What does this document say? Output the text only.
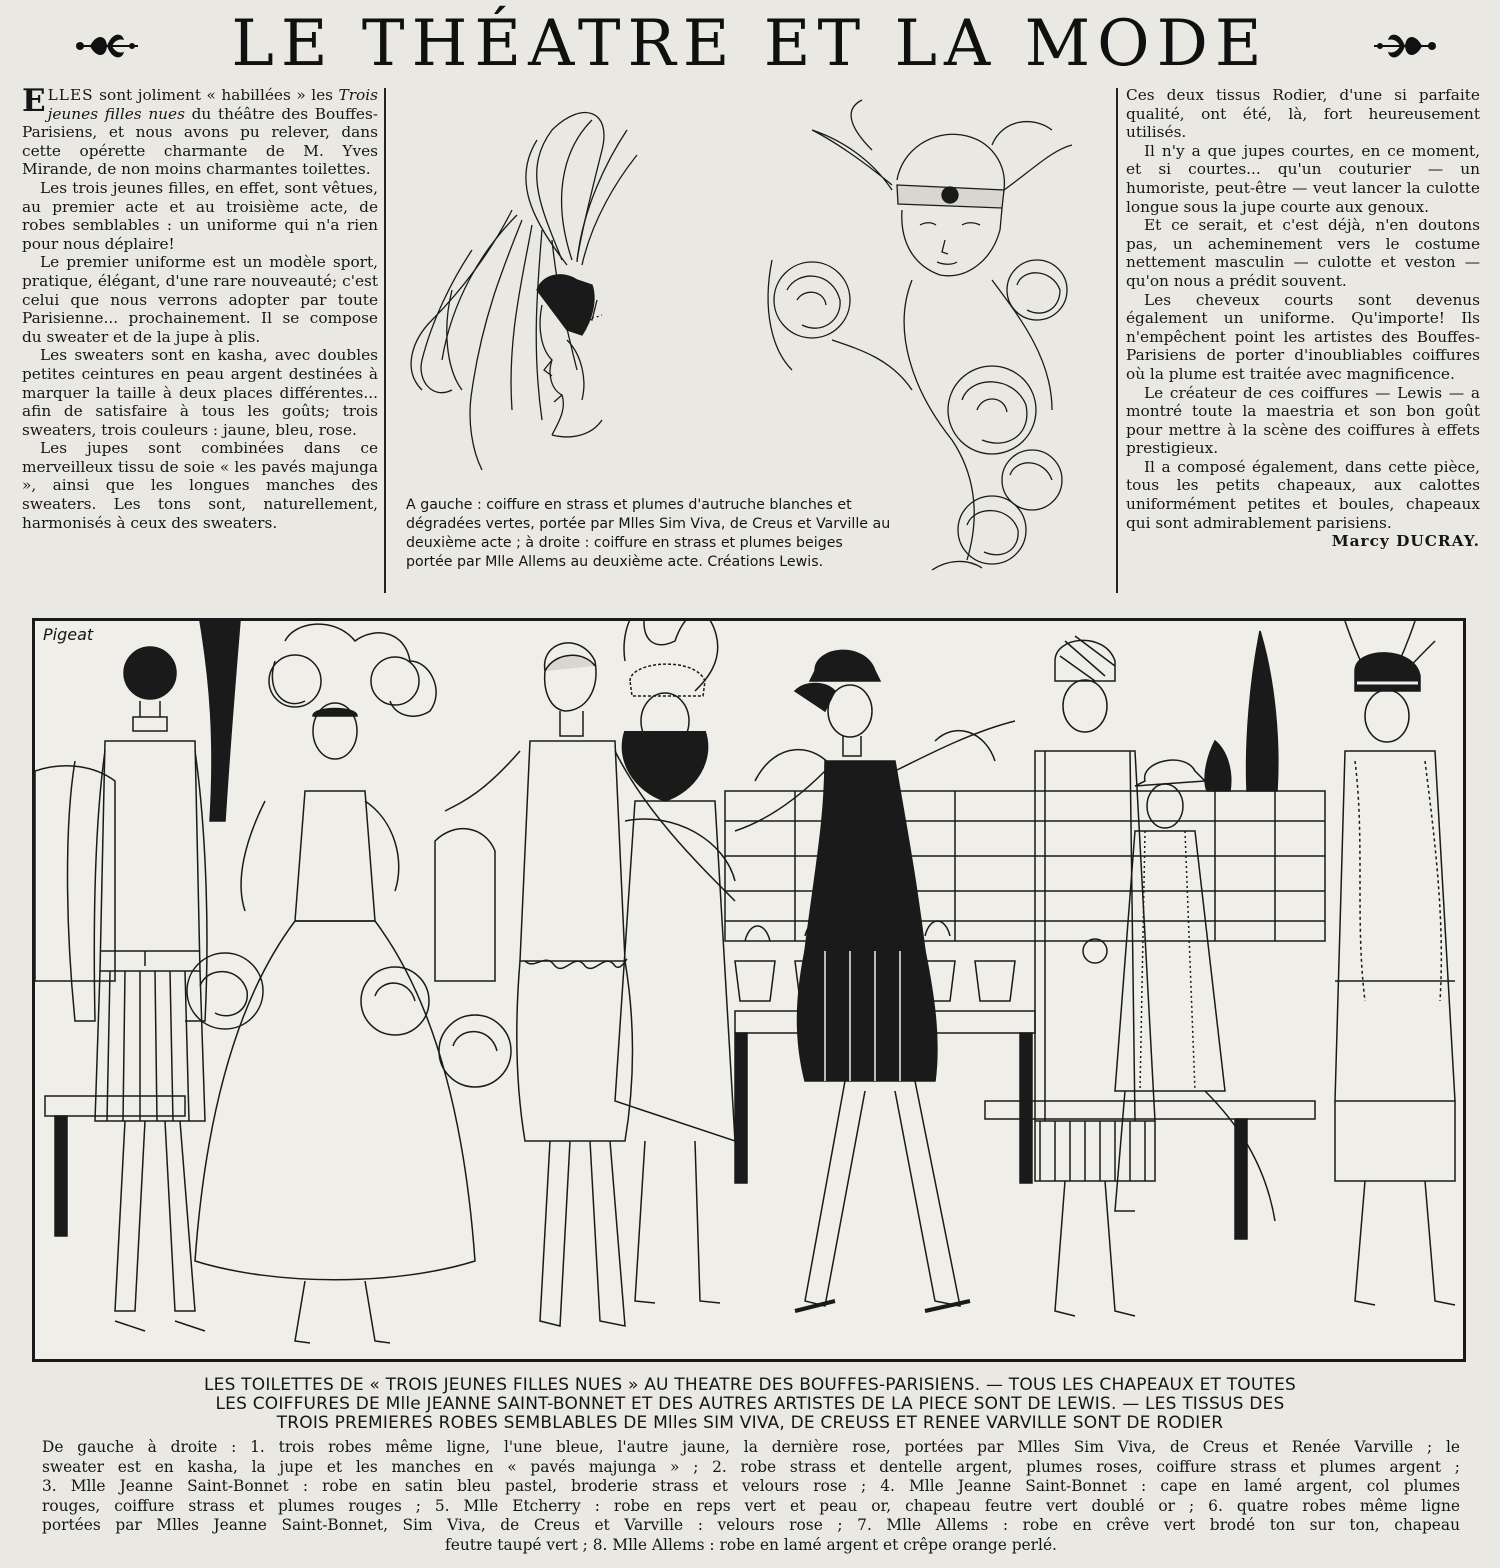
LE THÉATRE ET LA MODE

ELLES sont joliment « habillées » les Trois jeunes filles nues du théâtre des Bouffes-Parisiens, et nous avons pu relever, dans cette opérette charmante de M. Yves Mirande, de non moins charmantes toilettes.

Les trois jeunes filles, en effet, sont vêtues, au premier acte et au troisième acte, de robes semblables : un uniforme qui n'a rien pour nous déplaire!

Le premier uniforme est un modèle sport, pratique, élégant, d'une rare nouveauté; c'est celui que nous verrons adopter par toute Parisienne... prochainement. Il se compose du sweater et de la jupe à plis.

Les sweaters sont en kasha, avec doubles petites ceintures en peau argent destinées à marquer la taille à deux places différentes... afin de satisfaire à tous les goûts; trois sweaters, trois couleurs : jaune, bleu, rose.

Les jupes sont combinées dans ce merveilleux tissu de soie « les pavés majunga », ainsi que les longues manches des sweaters. Les tons sont, naturellement, harmonisés à ceux des sweaters.

A gauche : coiffure en strass et plumes d'autruche blanches et dégradées vertes, portée par Mlles Sim Viva, de Creus et Varville au deuxième acte ; à droite : coiffure en strass et plumes beiges portée par Mlle Allems au deuxième acte. Créations Lewis.

Ces deux tissus Rodier, d'une si parfaite qualité, ont été, là, fort heureusement utilisés.

Il n'y a que jupes courtes, en ce moment, et si courtes... qu'un couturier — un humoriste, peut-être — veut lancer la culotte longue sous la jupe courte aux genoux.

Et ce serait, et c'est déjà, n'en doutons pas, un acheminement vers le costume nettement masculin — culotte et veston — qu'on nous a prédit souvent.

Les cheveux courts sont devenus également un uniforme. Qu'importe! Ils n'empêchent point les artistes des Bouffes-Parisiens de porter d'inoubliables coiffures où la plume est traitée avec magnificence.

Le créateur de ces coiffures — Lewis — a montré toute la maestria et son bon goût pour mettre à la scène des coiffures à effets prestigieux.

Il a composé également, dans cette pièce, tous les petits chapeaux, aux calottes uniformément petites et boules, chapeaux qui sont admirablement parisiens.

Marcy DUCRAY.
Pigeat
LES TOILETTES DE « TROIS JEUNES FILLES NUES » AU THEATRE DES BOUFFES-PARISIENS. — TOUS LES CHAPEAUX ET TOUTES
LES COIFFURES DE Mlle JEANNE SAINT-BONNET ET DES AUTRES ARTISTES DE LA PIECE SONT DE LEWIS. — LES TISSUS DES
TROIS PREMIERES ROBES SEMBLABLES DE Mlles SIM VIVA, DE CREUSS ET RENEE VARVILLE SONT DE RODIER
De gauche à droite : 1. trois robes même ligne, l'une bleue, l'autre jaune, la dernière rose, portées par Mlles Sim Viva, de Creus et Renée Varville ; le
sweater est en kasha, la jupe et les manches en « pavés majunga » ; 2. robe strass et dentelle argent, plumes roses, coiffure strass et plumes argent ;
3. Mlle Jeanne Saint-Bonnet : robe en satin bleu pastel, broderie strass et velours rose ; 4. Mlle Jeanne Saint-Bonnet : cape en lamé argent, col plumes
rouges, coiffure strass et plumes rouges ; 5. Mlle Etcherry : robe en reps vert et peau or, chapeau feutre vert doublé or ; 6. quatre robes même ligne
portées par Mlles Jeanne Saint-Bonnet, Sim Viva, de Creus et Varville : velours rose ; 7. Mlle Allems : robe en crêve vert brodé ton sur ton, chapeau
feutre taupé vert ; 8. Mlle Allems : robe en lamé argent et crêpe orange perlé.
